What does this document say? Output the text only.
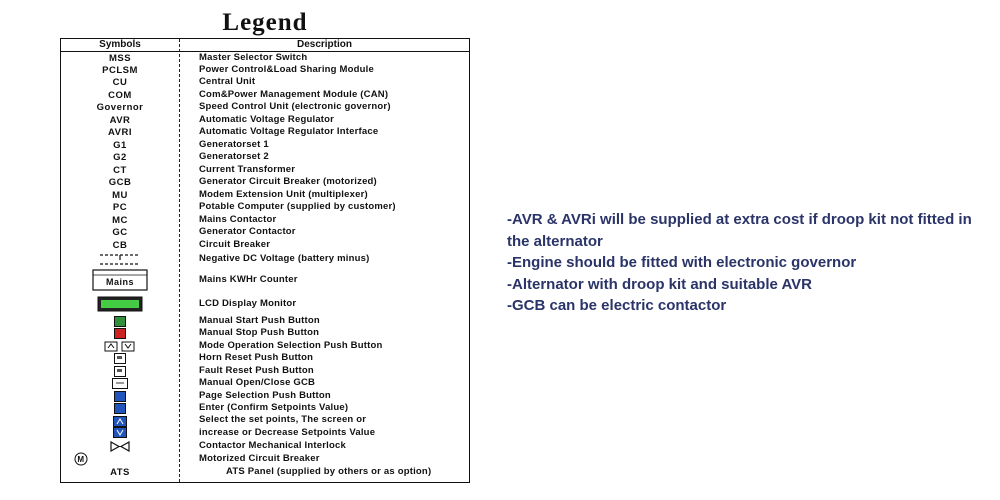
Legend
Symbols	Description
MSS	Master Selector Switch
PCLSM	Power Control&Load Sharing Module
CU	Central Unit
COM	Com&Power Management Module (CAN)
Governor	Speed Control Unit (electronic governor)
AVR	Automatic Voltage Regulator
AVRI	Automatic Voltage Regulator Interface
G1	Generatorset 1
G2	Generatorset 2
CT	Current Transformer
GCB	Generator Circuit Breaker (motorized)
MU	Modem Extension Unit (multiplexer)
PC	Potable Computer (supplied by customer)
MC	Mains Contactor
GC	Generator Contactor
CB	Circuit Breaker
Negative DC Voltage (battery minus)
Mains	Mains KWHr Counter
LCD Display Monitor
Manual Start Push Button
Manual Stop Push Button
Mode Operation Selection Push Button
Horn Reset Push Button
Fault Reset Push Button
Manual Open/Close GCB
Page Selection Push Button
Enter (Confirm Setpoints Value)
Select the set points, The screen or
increase or Decrease Setpoints Value
Contactor Mechanical Interlock
M	Motorized Circuit Breaker
ATS	ATS Panel (supplied by others or as option)
-AVR & AVRi will be supplied at extra cost if droop kit not fitted in the alternator
-Engine should be fitted with electronic governor
-Alternator with droop kit and suitable AVR
-GCB can be electric contactor
